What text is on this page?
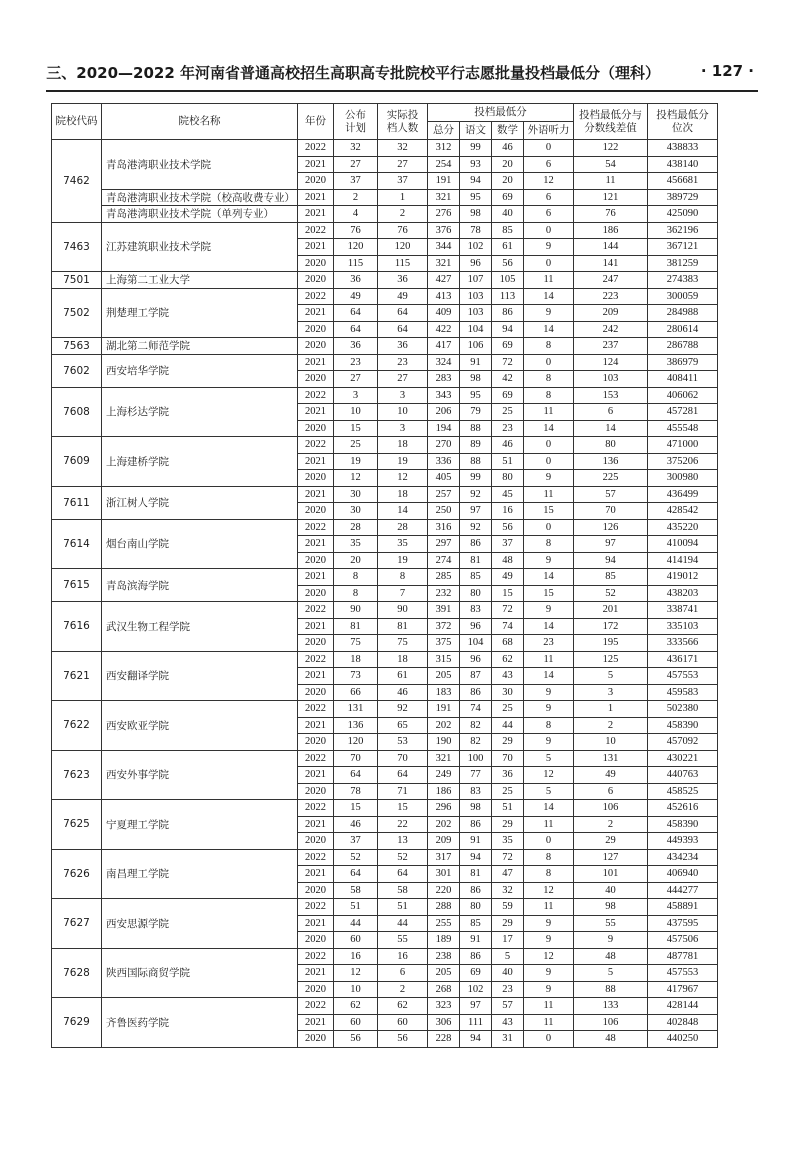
三、2020—2022 年河南省普通高校招生高职高专批院校平行志愿批量投档最低分（理科）	· 127 ·
院校代码	院校名称	年份	公布计划	实际投档人数	投档最低分				投档最低分与分数线差值	投档最低分位次
					总分	语文	数学	外语听力		
7462	青岛港湾职业技术学院	2022	32	32	312	99	46	0	122	438833
		2021	27	27	254	93	20	6	54	438140
		2020	37	37	191	94	20	12	11	456681
	青岛港湾职业技术学院（校高收费专业）	2021	2	1	321	95	69	6	121	389729
	青岛港湾职业技术学院（单列专业）	2021	4	2	276	98	40	6	76	425090
7463	江苏建筑职业技术学院	2022	76	76	376	78	85	0	186	362196
		2021	120	120	344	102	61	9	144	367121
		2020	115	115	321	96	56	0	141	381259
7501	上海第二工业大学	2020	36	36	427	107	105	11	247	274383
7502	荆楚理工学院	2022	49	49	413	103	113	14	223	300059
		2021	64	64	409	103	86	9	209	284988
		2020	64	64	422	104	94	14	242	280614
7563	湖北第二师范学院	2020	36	36	417	106	69	8	237	286788
7602	西安培华学院	2021	23	23	324	91	72	0	124	386979
		2020	27	27	283	98	42	8	103	408411
7608	上海杉达学院	2022	3	3	343	95	69	8	153	406062
		2021	10	10	206	79	25	11	6	457281
		2020	15	3	194	88	23	14	14	455548
7609	上海建桥学院	2022	25	18	270	89	46	0	80	471000
		2021	19	19	336	88	51	0	136	375206
		2020	12	12	405	99	80	9	225	300980
7611	浙江树人学院	2021	30	18	257	92	45	11	57	436499
		2020	30	14	250	97	16	15	70	428542
7614	烟台南山学院	2022	28	28	316	92	56	0	126	435220
		2021	35	35	297	86	37	8	97	410094
		2020	20	19	274	81	48	9	94	414194
7615	青岛滨海学院	2021	8	8	285	85	49	14	85	419012
		2020	8	7	232	80	15	15	52	438203
7616	武汉生物工程学院	2022	90	90	391	83	72	9	201	338741
		2021	81	81	372	96	74	14	172	335103
		2020	75	75	375	104	68	23	195	333566
7621	西安翻译学院	2022	18	18	315	96	62	11	125	436171
		2021	73	61	205	87	43	14	5	457553
		2020	66	46	183	86	30	9	3	459583
7622	西安欧亚学院	2022	131	92	191	74	25	9	1	502380
		2021	136	65	202	82	44	8	2	458390
		2020	120	53	190	82	29	9	10	457092
7623	西安外事学院	2022	70	70	321	100	70	5	131	430221
		2021	64	64	249	77	36	12	49	440763
		2020	78	71	186	83	25	5	6	458525
7625	宁夏理工学院	2022	15	15	296	98	51	14	106	452616
		2021	46	22	202	86	29	11	2	458390
		2020	37	13	209	91	35	0	29	449393
7626	南昌理工学院	2022	52	52	317	94	72	8	127	434234
		2021	64	64	301	81	47	8	101	406940
		2020	58	58	220	86	32	12	40	444277
7627	西安思源学院	2022	51	51	288	80	59	11	98	458891
		2021	44	44	255	85	29	9	55	437595
		2020	60	55	189	91	17	9	9	457506
7628	陕西国际商贸学院	2022	16	16	238	86	5	12	48	487781
		2021	12	6	205	69	40	9	5	457553
		2020	10	2	268	102	23	9	88	417967
7629	齐鲁医药学院	2022	62	62	323	97	57	11	133	428144
		2021	60	60	306	111	43	11	106	402848
		2020	56	56	228	94	31	0	48	440250
